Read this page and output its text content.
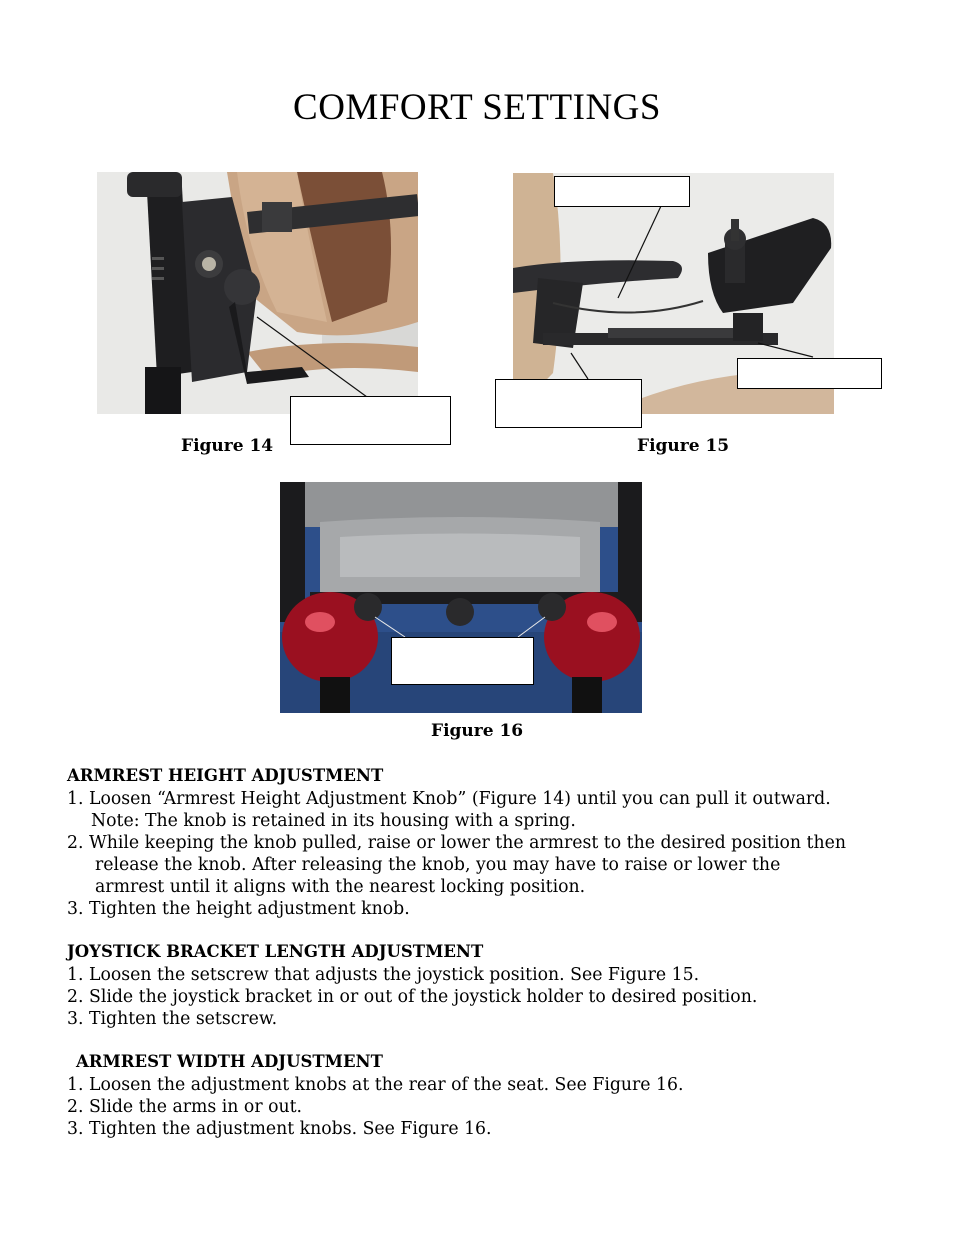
COMFORT SETTINGS
Figure 14	Figure 15
Figure 16
ARMREST HEIGHT ADJUSTMENT
1. Loosen “Armrest Height Adjustment Knob” (Figure 14) until you can pull it outward.
Note: The knob is retained in its housing with a spring.
2. While keeping the knob pulled, raise or lower the armrest to the desired position then
release the knob. After releasing the knob, you may have to raise or lower the
armrest until it aligns with the nearest locking position.
3. Tighten the height adjustment knob.
JOYSTICK BRACKET LENGTH ADJUSTMENT
1. Loosen the setscrew that adjusts the joystick position. See Figure 15.
2. Slide the joystick bracket in or out of the joystick holder to desired position.
3. Tighten the setscrew.
ARMREST WIDTH ADJUSTMENT
1. Loosen the adjustment knobs at the rear of the seat. See Figure 16.
2. Slide the arms in or out.
3. Tighten the adjustment knobs. See Figure 16.
